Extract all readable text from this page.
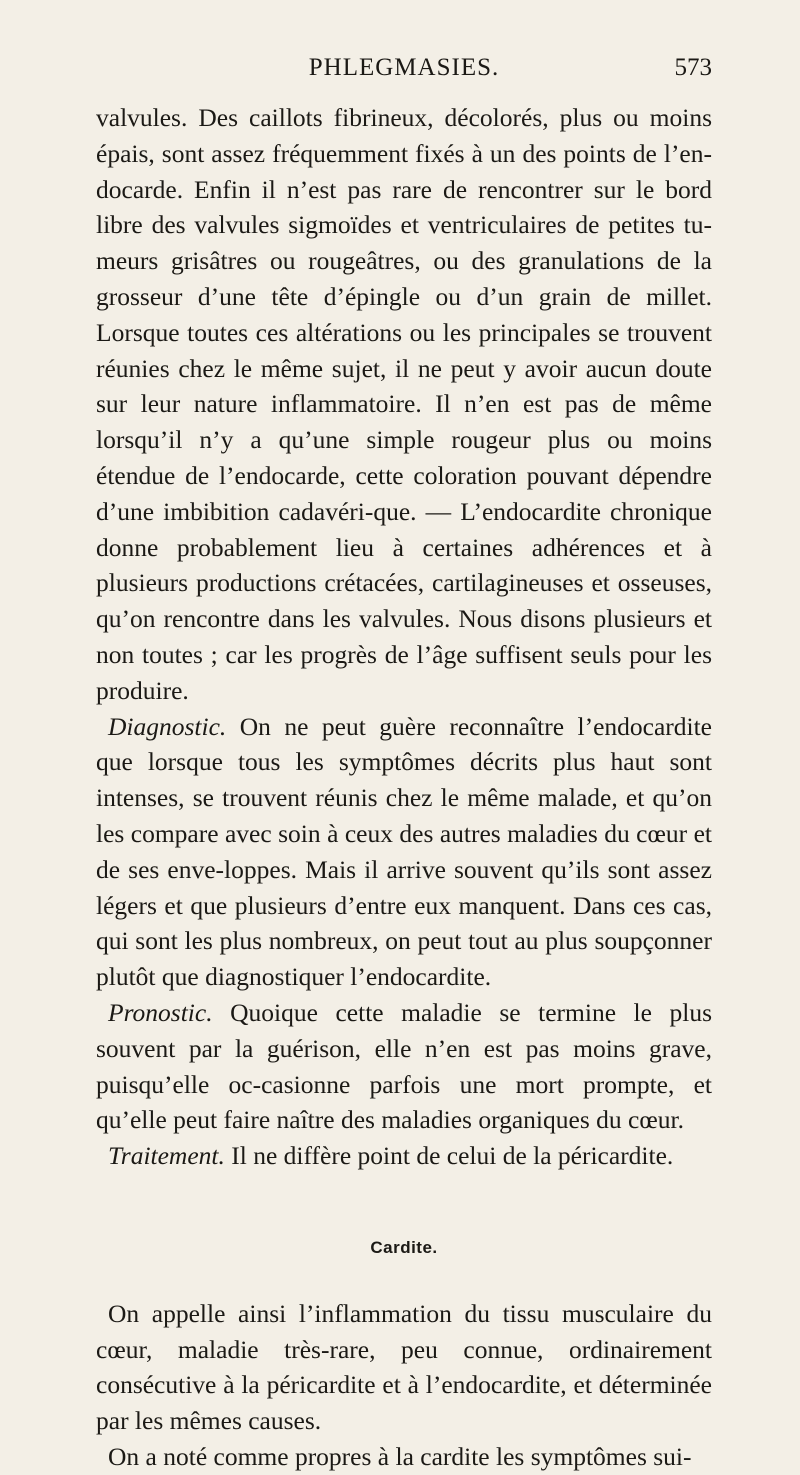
PHLEGMASIES.	573

valvules. Des caillots fibrineux, décolorés, plus ou moins épais, sont assez fréquemment fixés à un des points de l’en-docarde. Enfin il n’est pas rare de rencontrer sur le bord libre des valvules sigmoïdes et ventriculaires de petites tu-meurs grisâtres ou rougeâtres, ou des granulations de la grosseur d’une tête d’épingle ou d’un grain de millet. Lorsque toutes ces altérations ou les principales se trouvent réunies chez le même sujet, il ne peut y avoir aucun doute sur leur nature inflammatoire. Il n’en est pas de même lorsqu’il n’y a qu’une simple rougeur plus ou moins étendue de l’endocarde, cette coloration pouvant dépendre d’une imbibition cadavéri-que. — L’endocardite chronique donne probablement lieu à certaines adhérences et à plusieurs productions crétacées, cartilagineuses et osseuses, qu’on rencontre dans les valvules. Nous disons plusieurs et non toutes ; car les progrès de l’âge suffisent seuls pour les produire.

Diagnostic. On ne peut guère reconnaître l’endocardite que lorsque tous les symptômes décrits plus haut sont intenses, se trouvent réunis chez le même malade, et qu’on les compare avec soin à ceux des autres maladies du cœur et de ses enve-loppes. Mais il arrive souvent qu’ils sont assez légers et que plusieurs d’entre eux manquent. Dans ces cas, qui sont les plus nombreux, on peut tout au plus soupçonner plutôt que diagnostiquer l’endocardite.

Pronostic. Quoique cette maladie se termine le plus souvent par la guérison, elle n’en est pas moins grave, puisqu’elle oc-casionne parfois une mort prompte, et qu’elle peut faire naître des maladies organiques du cœur.

Traitement. Il ne diffère point de celui de la péricardite.

Cardite.

On appelle ainsi l’inflammation du tissu musculaire du cœur, maladie très-rare, peu connue, ordinairement consécutive à la péricardite et à l’endocardite, et déterminée par les mêmes causes.

On a noté comme propres à la cardite les symptômes sui-
